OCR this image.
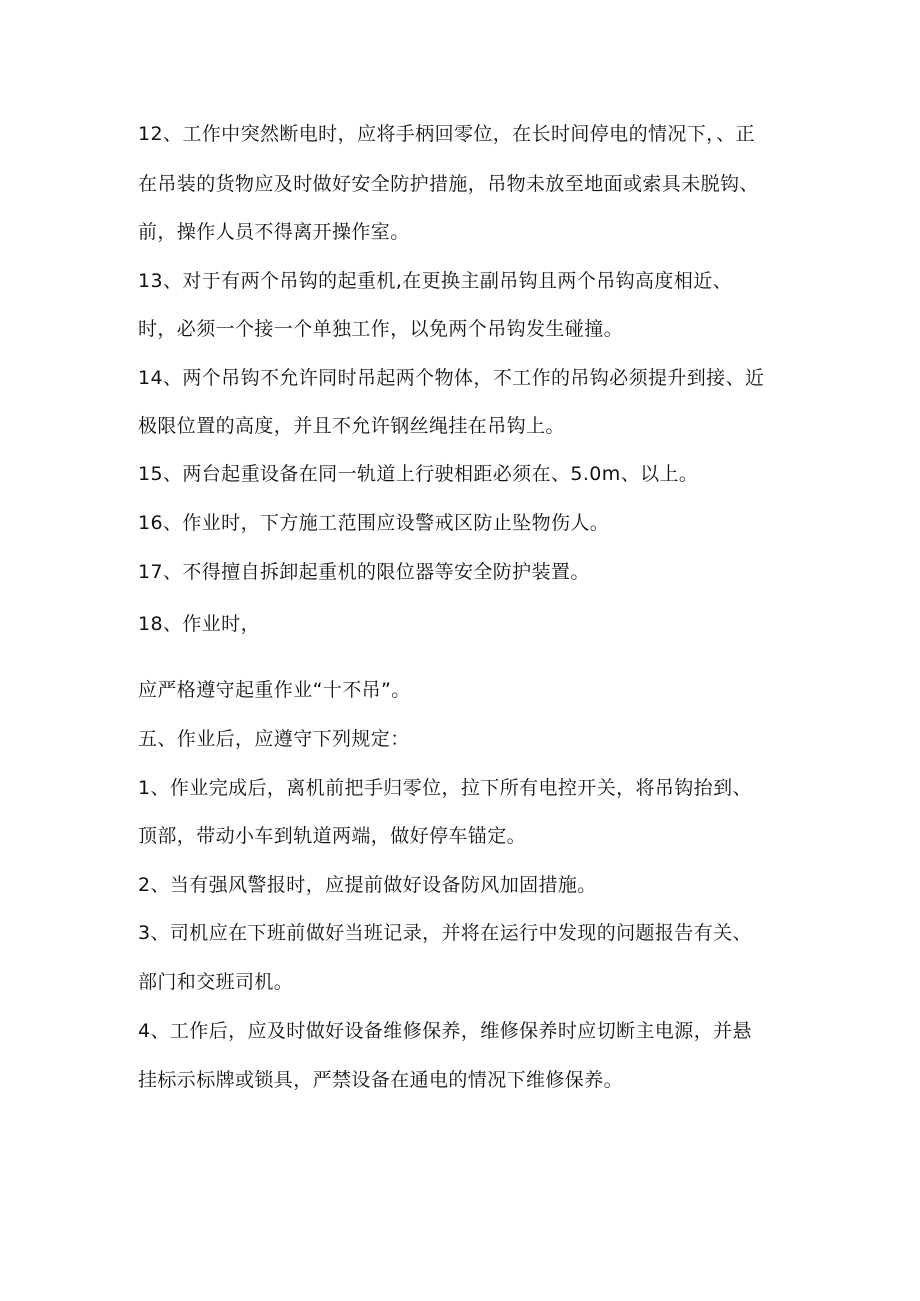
12、工作中突然断电时，应将手柄回零位，在长时间停电的情况下，、正

在吊装的货物应及时做好安全防护措施，吊物未放至地面或索具未脱钩、

前，操作人员不得离开操作室。

13、对于有两个吊钩的起重机,在更换主副吊钩且两个吊钩高度相近、

时，必须一个接一个单独工作，以免两个吊钩发生碰撞。

14、两个吊钩不允许同时吊起两个物体，不工作的吊钩必须提升到接、近

极限位置的高度，并且不允许钢丝绳挂在吊钩上。

15、两台起重设备在同一轨道上行驶相距必须在、5.0m、以上。

16、作业时，下方施工范围应设警戒区防止坠物伤人。

17、不得擅自拆卸起重机的限位器等安全防护装置。

18、作业时，

应严格遵守起重作业“十不吊”。

五、作业后，应遵守下列规定：

1、作业完成后，离机前把手归零位，拉下所有电控开关，将吊钩抬到、

顶部，带动小车到轨道两端，做好停车锚定。

2、当有强风警报时，应提前做好设备防风加固措施。

3、司机应在下班前做好当班记录，并将在运行中发现的问题报告有关、

部门和交班司机。

4、工作后，应及时做好设备维修保养，维修保养时应切断主电源，并悬

挂标示标牌或锁具，严禁设备在通电的情况下维修保养。
